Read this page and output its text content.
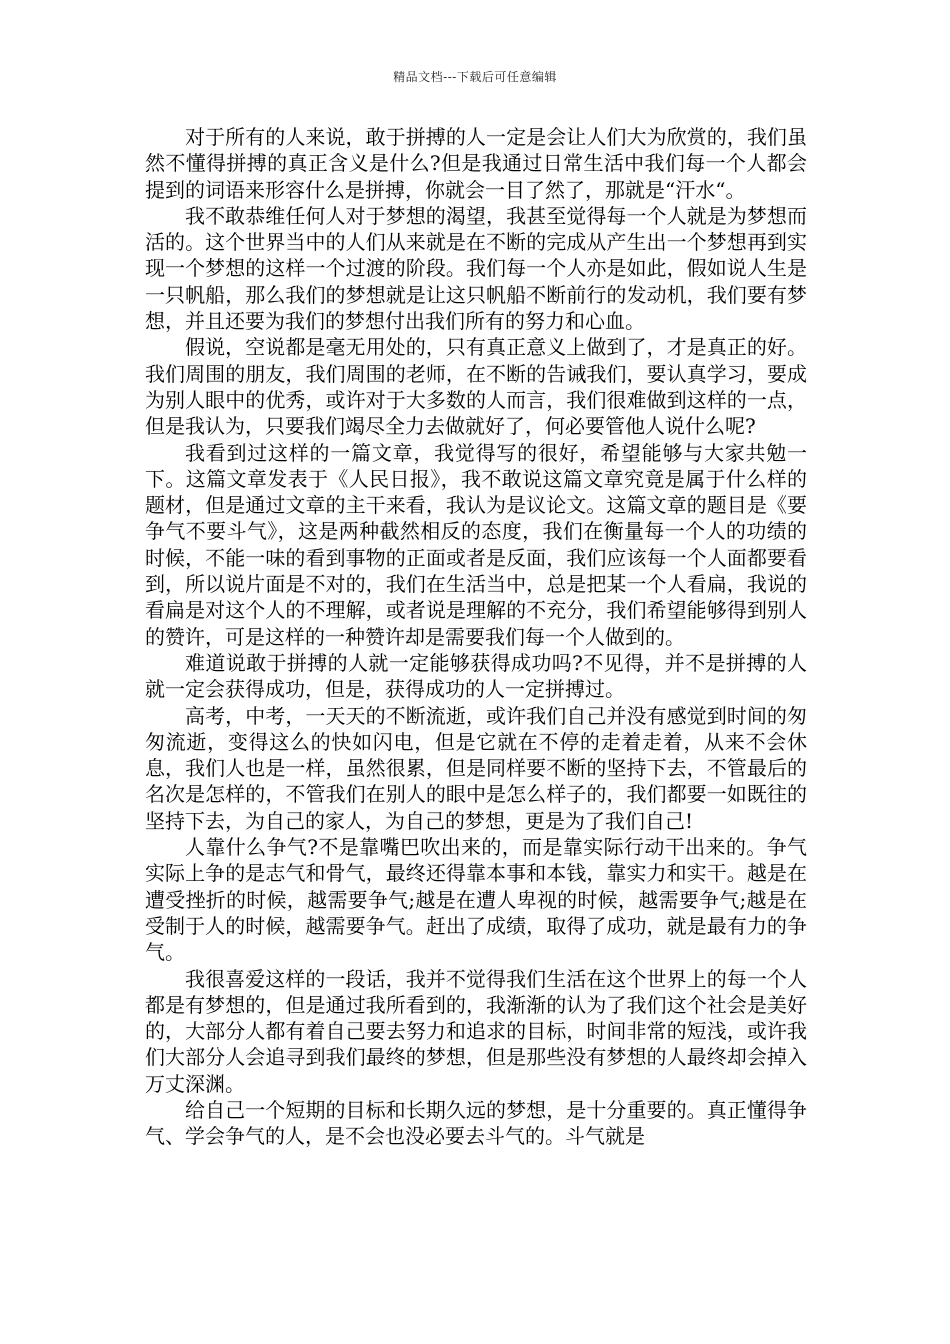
精品文档---下载后可任意编辑

对于所有的人来说，敢于拼搏的人一定是会让人们大为欣赏的，我们虽然不懂得拼搏的真正含义是什么?但是我通过日常生活中我们每一个人都会提到的词语来形容什么是拼搏，你就会一目了然了，那就是“汗水“。

我不敢恭维任何人对于梦想的渴望，我甚至觉得每一个人就是为梦想而活的。这个世界当中的人们从来就是在不断的完成从产生出一个梦想再到实现一个梦想的这样一个过渡的阶段。我们每一个人亦是如此，假如说人生是一只帆船，那么我们的梦想就是让这只帆船不断前行的发动机，我们要有梦想，并且还要为我们的梦想付出我们所有的努力和心血。

假说，空说都是毫无用处的，只有真正意义上做到了，才是真正的好。我们周围的朋友，我们周围的老师，在不断的告诫我们，要认真学习，要成为别人眼中的优秀，或许对于大多数的人而言，我们很难做到这样的一点，但是我认为，只要我们竭尽全力去做就好了，何必要管他人说什么呢?

我看到过这样的一篇文章，我觉得写的很好，希望能够与大家共勉一下。这篇文章发表于《人民日报》，我不敢说这篇文章究竟是属于什么样的题材，但是通过文章的主干来看，我认为是议论文。这篇文章的题目是《要争气不要斗气》，这是两种截然相反的态度，我们在衡量每一个人的功绩的时候，不能一味的看到事物的正面或者是反面，我们应该每一个人面都要看到，所以说片面是不对的，我们在生活当中，总是把某一个人看扁，我说的看扁是对这个人的不理解，或者说是理解的不充分，我们希望能够得到别人的赞许，可是这样的一种赞许却是需要我们每一个人做到的。

难道说敢于拼搏的人就一定能够获得成功吗?不见得，并不是拼搏的人就一定会获得成功，但是，获得成功的人一定拼搏过。

高考，中考，一天天的不断流逝，或许我们自己并没有感觉到时间的匆匆流逝，变得这么的快如闪电，但是它就在不停的走着走着，从来不会休息，我们人也是一样，虽然很累，但是同样要不断的坚持下去，不管最后的名次是怎样的，不管我们在别人的眼中是怎么样子的，我们都要一如既往的坚持下去，为自己的家人，为自己的梦想，更是为了我们自己!

人靠什么争气?不是靠嘴巴吹出来的，而是靠实际行动干出来的。争气实际上争的是志气和骨气，最终还得靠本事和本钱，靠实力和实干。越是在遭受挫折的时候，越需要争气;越是在遭人卑视的时候，越需要争气;越是在受制于人的时候，越需要争气。赶出了成绩，取得了成功，就是最有力的争气。

我很喜爱这样的一段话，我并不觉得我们生活在这个世界上的每一个人都是有梦想的，但是通过我所看到的，我渐渐的认为了我们这个社会是美好的，大部分人都有着自己要去努力和追求的目标，时间非常的短浅，或许我们大部分人会追寻到我们最终的梦想，但是那些没有梦想的人最终却会掉入万丈深渊。

给自己一个短期的目标和长期久远的梦想，是十分重要的。真正懂得争气、学会争气的人，是不会也没必要去斗气的。斗气就是
